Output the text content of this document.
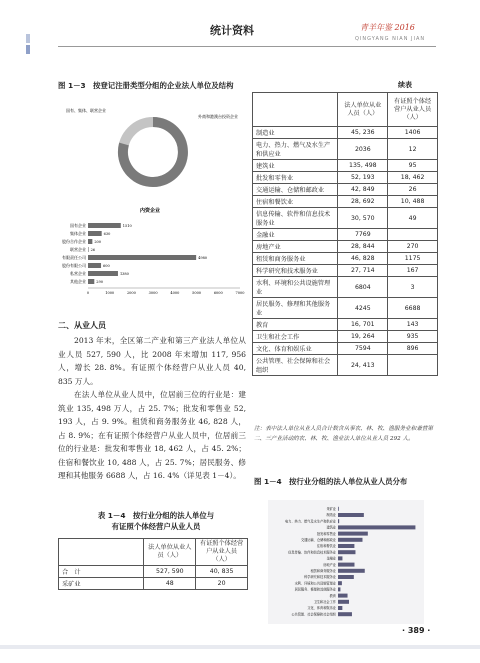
统计资料	青羊年鉴 2016
QINGYANG NIAN JIAN
图 1－3　按登记注册类型分组的企业法人单位及结构
国有、集体、联营企业
外商和港澳台投资企业
内资企业
国有企业	1510
集体企业	630
股份合作企业 200
联营企业 26
有限责任公司	4980
股份有限公司	600
私营企业	1380
其他企业	290
0	1000	2000	3000	4000	5000	6000	7000
二、从业人员

2013 年末，全区第二产业和第三产业法人单位从业人员 527, 590 人，比 2008 年末增加 117, 956 人，增长 28. 8%。有证照个体经营户从业人员 40, 835 万人。

在法人单位从业人员中，位居前三位的行业是：建筑业 135, 498 万人，占 25. 7%；批发和零售业 52, 193 人，占 9. 9%。租赁和商务服务业 46, 828 人，占 8. 9%；在有证照个体经营户从业人员中，位居前三位的行业是：批发和零售业 18, 462 人，占 45. 2%；住宿和餐饮业 10, 488 人，占 25. 7%；居民服务、修理和其他服务 6688 人，占 16. 4%（详见表 1－4）。

表 1－4　按行业分组的法人单位与
有证照个体经营户从业人员
	法人单位从业人员（人）	有证照个体经营户从业人员（人）
合　计	527, 590	40, 835
采矿业	48	20
续表
	法人单位从业人员（人）	有证照个体经营户从业人员（人）
制造业	45, 236	1406
电力、热力、燃气及水生产和供应业	2036	12
建筑业	135, 498	95
批发和零售业	52, 193	18, 462
交通运输、仓储和邮政业	42, 849	26
住宿和餐饮业	28, 692	10, 488
信息传输、软件和信息技术服务业	30, 570	49
金融业	7769	
房地产业	28, 844	270
租赁和商务服务业	46, 828	1175
科学研究和技术服务业	27, 714	167
水利、环境和公共设施管理业	6804	3
居民服务、修理和其他服务业	4245	6688
教育	16, 701	143
卫生和社会工作	19, 264	935
文化、体育和娱乐业	7594	896
公共管理、社会保障和社会组织	24, 413	
注：表中法人单位从业人员合计数含从事农、林、牧、渔服务业和兼营第二、三产业活动的农、林、牧、渔业法人单位从业人员 292 人。
图 1－4　按行业分组的法人单位从业人员分布
采矿业
制造业
电力、热力、燃气及水生产和供应业
建筑业
批发和零售业
交通运输、仓储和邮政业
住宿和餐饮业
信息传输、软件和信息技术服务业
金融业
房地产业
租赁和商务服务业
科学研究和技术服务业
水利、环境和公共设施管理业
居民服务、修理和其他服务业
教育
卫生和社会工作
文化、体育和娱乐业
公共管理、社会保障和社会组织
· 389 ·
